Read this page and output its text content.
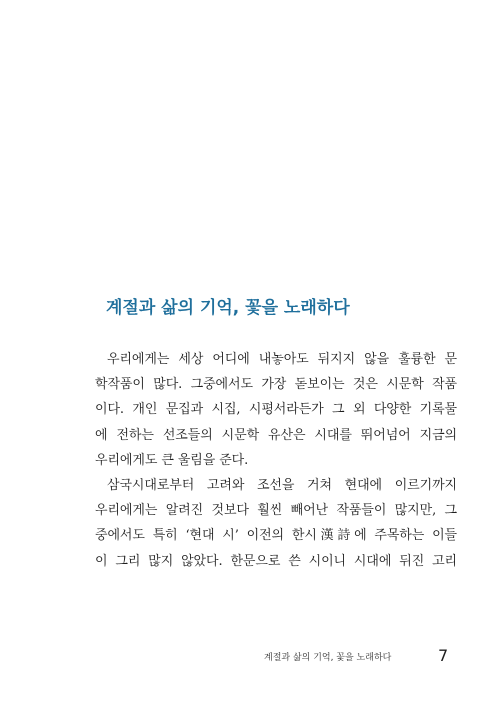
계절과 삶의 기억, 꽃을 노래하다
우리에게는 세상 어디에 내놓아도 뒤지지 않을 훌륭한 문
학작품이 많다. 그중에서도 가장 돋보이는 것은 시문학 작품
이다. 개인 문집과 시집, 시평서라든가 그 외 다양한 기록물
에 전하는 선조들의 시문학 유산은 시대를 뛰어넘어 지금의
우리에게도 큰 울림을 준다.
삼국시대로부터 고려와 조선을 거쳐 현대에 이르기까지
우리에게는 알려진 것보다 훨씬 빼어난 작품들이 많지만, 그
중에서도 특히 ‘현대 시’ 이전의 한시漢詩에 주목하는 이들
이 그리 많지 않았다. 한문으로 쓴 시이니 시대에 뒤진 고리
계절과 삶의 기억, 꽃을 노래하다	7
